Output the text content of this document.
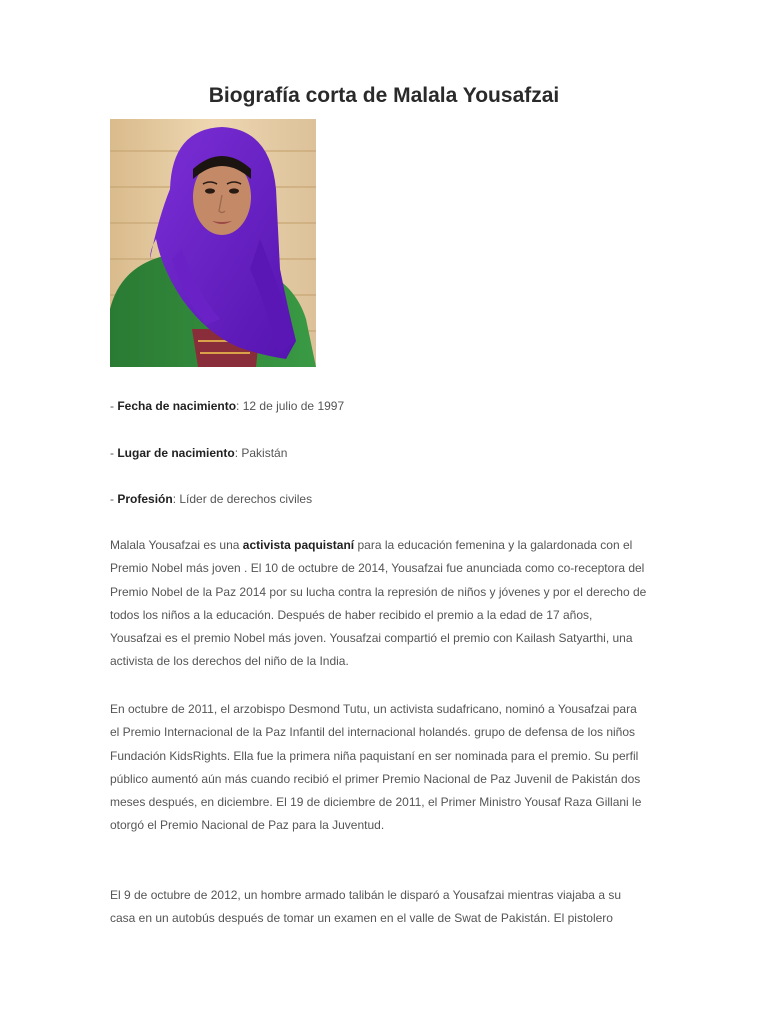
Biografía corta de Malala Yousafzai

- Fecha de nacimiento: 12 de julio de 1997

- Lugar de nacimiento: Pakistán

- Profesión: Líder de derechos civiles

Malala Yousafzai es una activista paquistaní para la educación femenina y la galardonada con el
Premio Nobel más joven . El 10 de octubre de 2014, Yousafzai fue anunciada como co-receptora del
Premio Nobel de la Paz 2014 por su lucha contra la represión de niños y jóvenes y por el derecho de
todos los niños a la educación. Después de haber recibido el premio a la edad de 17 años,
Yousafzai es el premio Nobel más joven. Yousafzai compartió el premio con Kailash Satyarthi, una
activista de los derechos del niño de la India.
En octubre de 2011, el arzobispo Desmond Tutu, un activista sudafricano, nominó a Yousafzai para
el Premio Internacional de la Paz Infantil del internacional holandés. grupo de defensa de los niños
Fundación KidsRights. Ella fue la primera niña paquistaní en ser nominada para el premio. Su perfil
público aumentó aún más cuando recibió el primer Premio Nacional de Paz Juvenil de Pakistán dos
meses después, en diciembre. El 19 de diciembre de 2011, el Primer Ministro Yousaf Raza Gillani le
otorgó el Premio Nacional de Paz para la Juventud.
El 9 de octubre de 2012, un hombre armado talibán le disparó a Yousafzai mientras viajaba a su
casa en un autobús después de tomar un examen en el valle de Swat de Pakistán. El pistolero
